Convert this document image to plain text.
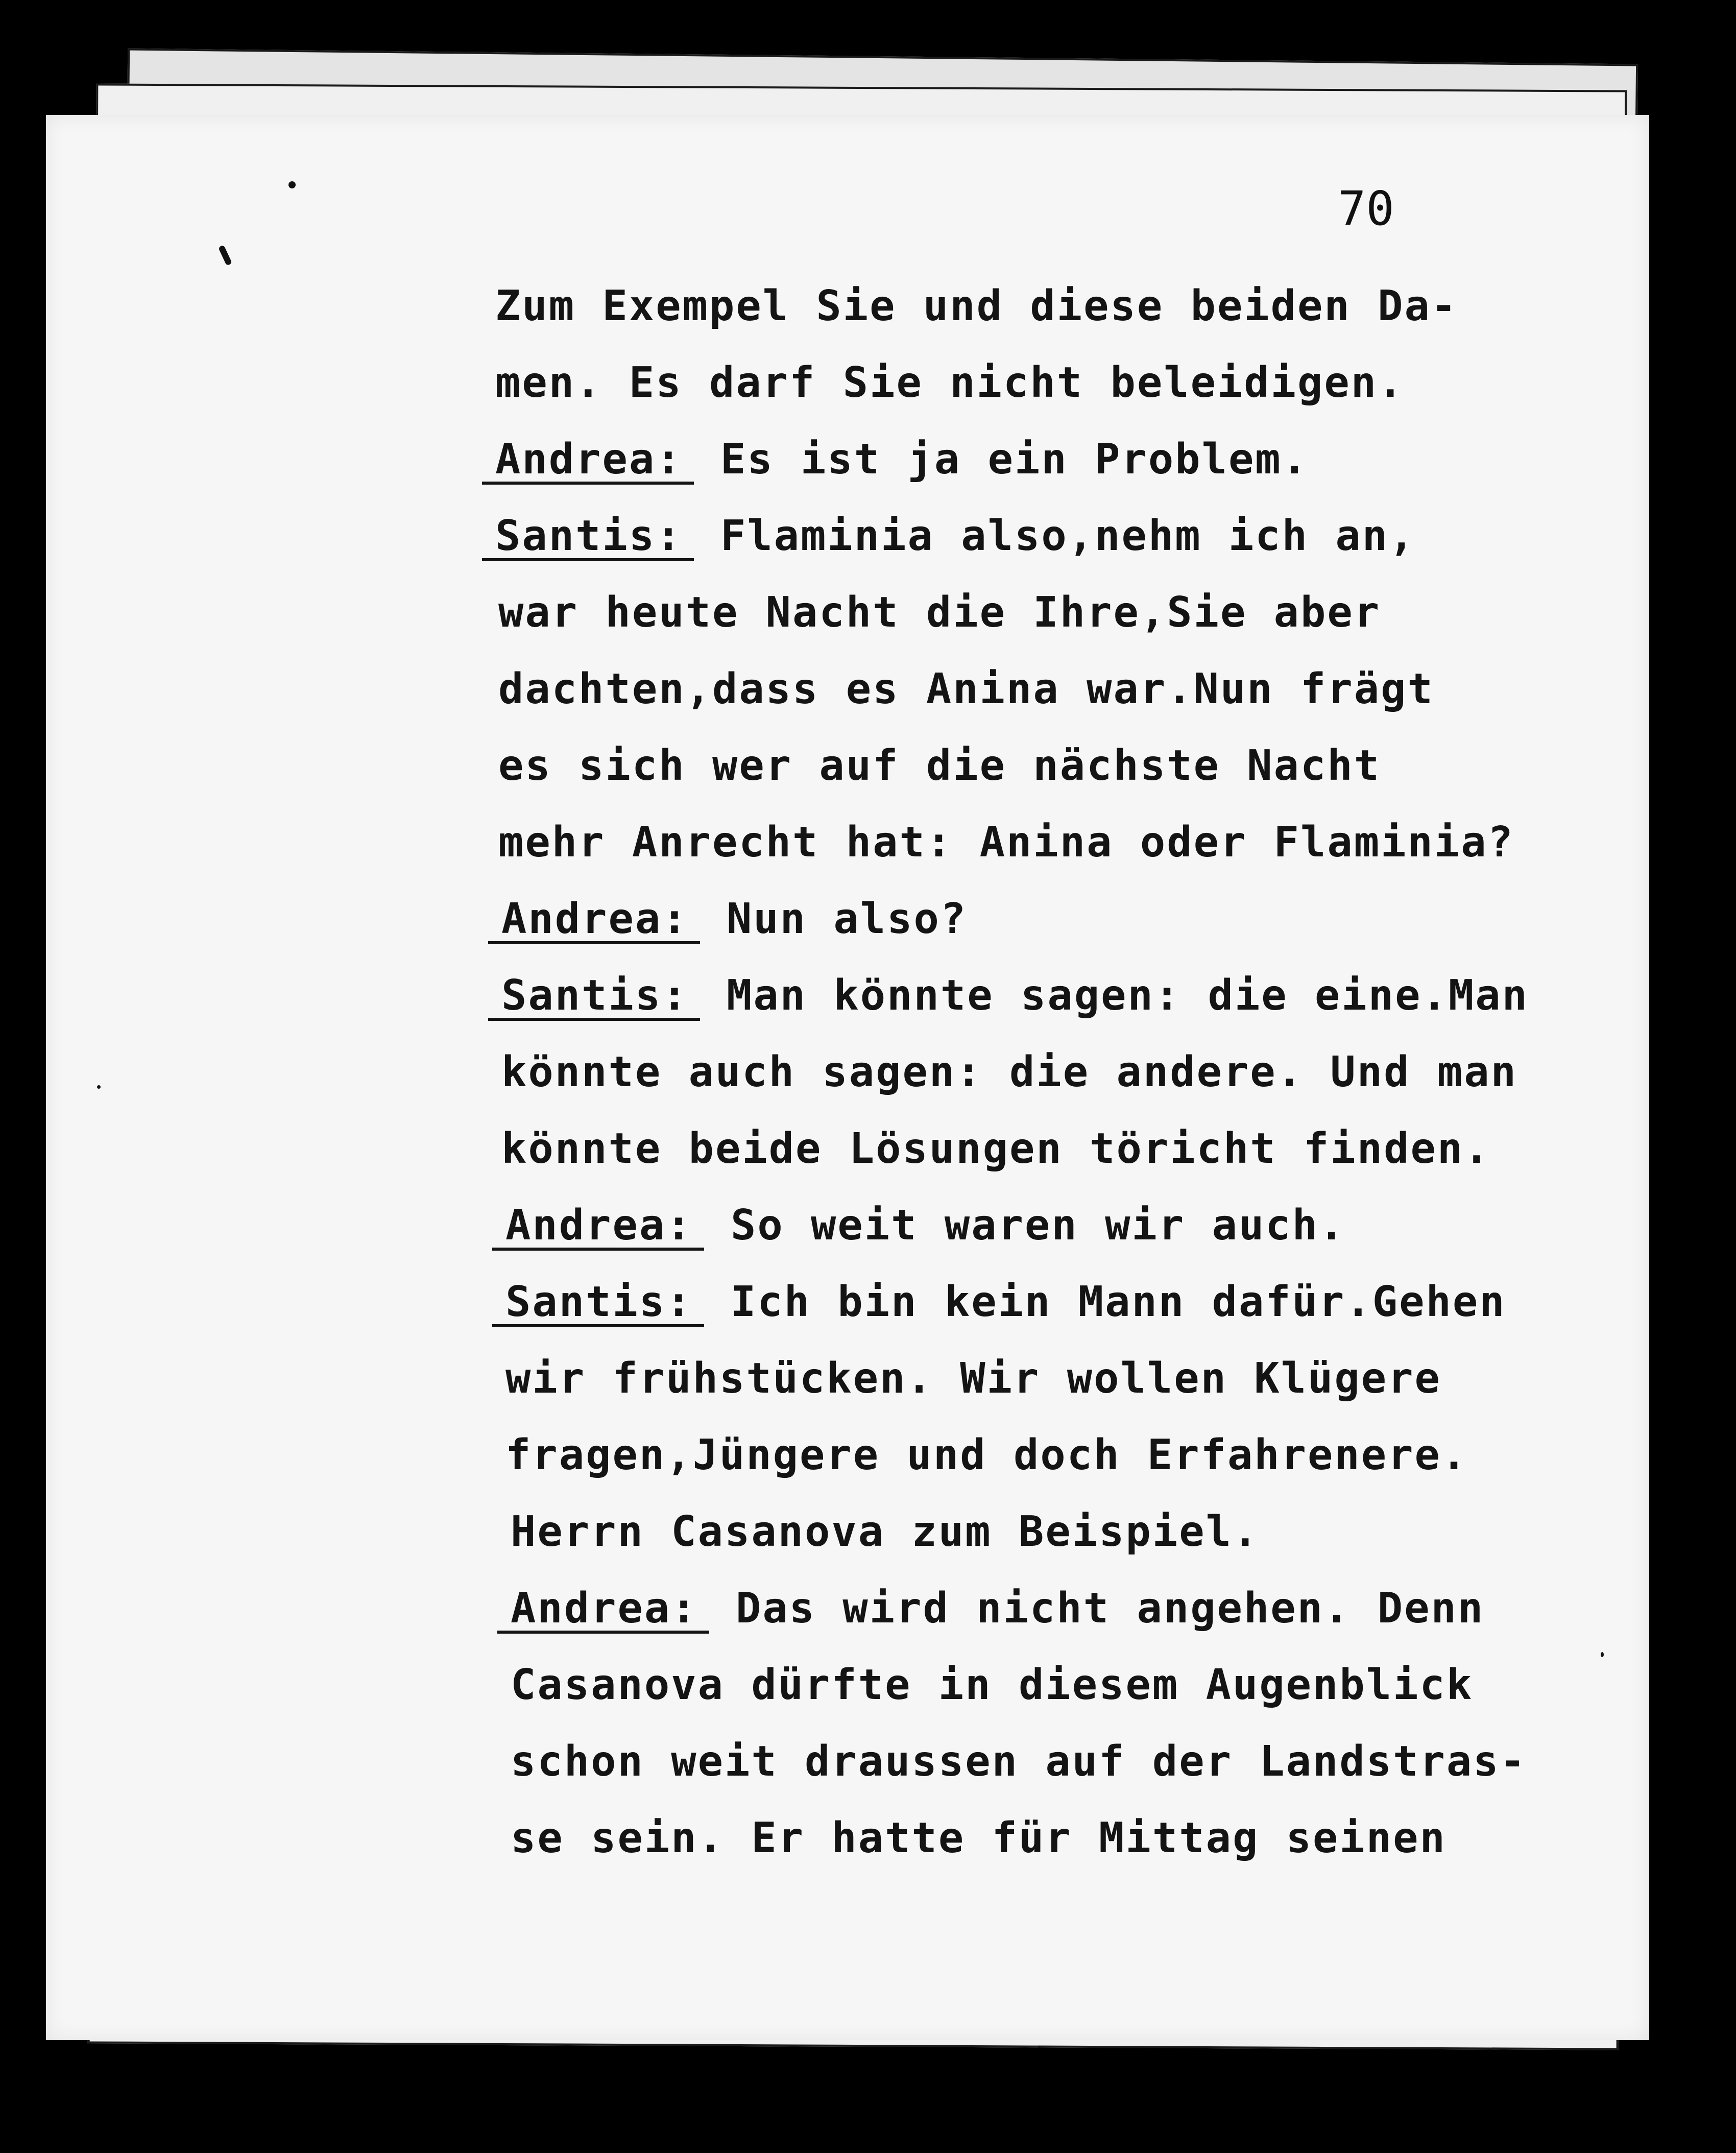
70
Zum Exempel Sie und diese beiden Da-
men. Es darf Sie nicht beleidigen.
Andrea: Es ist ja ein Problem.
Santis: Flaminia also,nehm ich an,
war heute Nacht die Ihre,Sie aber
dachten,dass es Anina war.Nun frägt
es sich wer auf die nächste Nacht
mehr Anrecht hat: Anina oder Flaminia?
Andrea: Nun also?
Santis: Man könnte sagen: die eine.Man
könnte auch sagen: die andere. Und man
könnte beide Lösungen töricht finden.
Andrea: So weit waren wir auch.
Santis: Ich bin kein Mann dafür.Gehen
wir frühstücken. Wir wollen Klügere
fragen,Jüngere und doch Erfahrenere.
Herrn Casanova zum Beispiel.
Andrea: Das wird nicht angehen. Denn
Casanova dürfte in diesem Augenblick
schon weit draussen auf der Landstras-
se sein. Er hatte für Mittag seinen
